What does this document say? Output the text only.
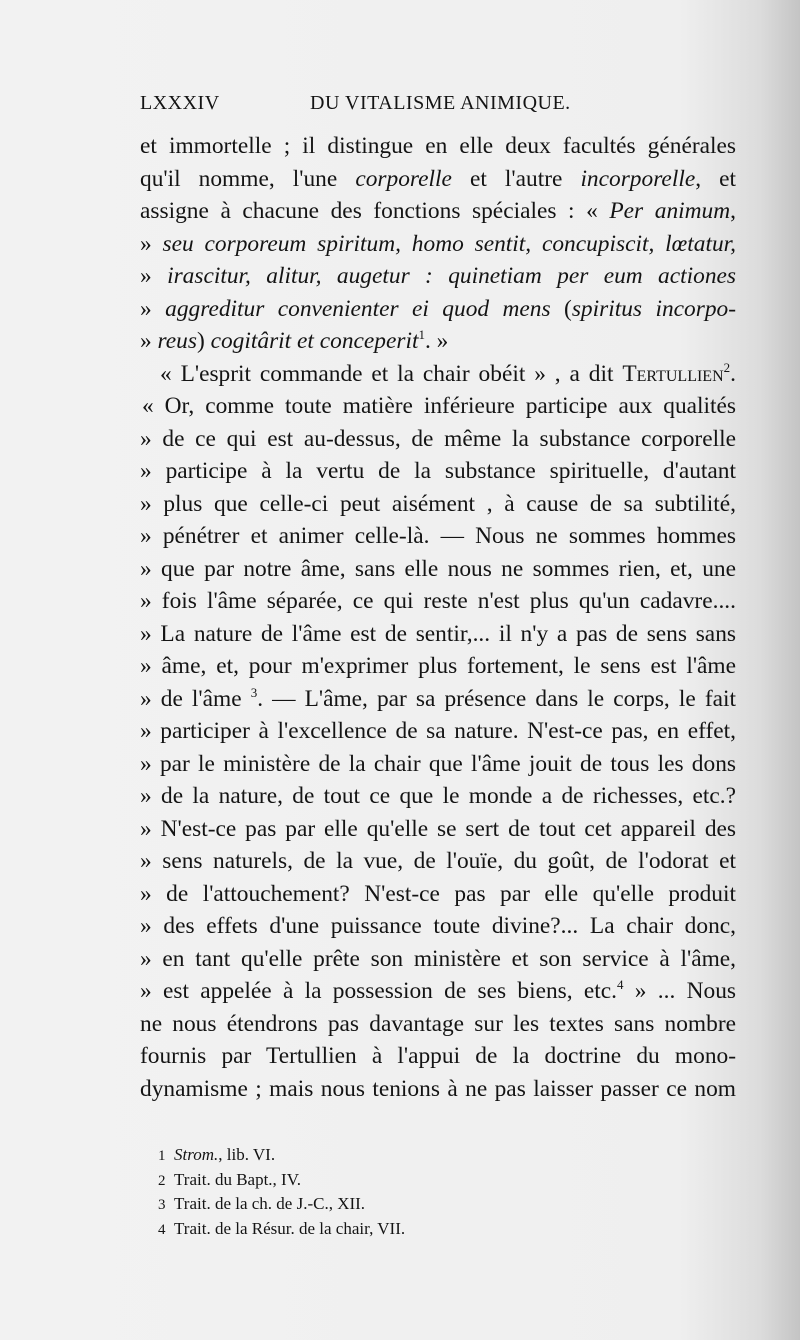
LXXXIV	DU VITALISME ANIMIQUE.
et immortelle ; il distingue en elle deux facultés générales
qu'il nomme, l'une corporelle et l'autre incorporelle, et
assigne à chacune des fonctions spéciales : « Per animum,
» seu corporeum spiritum, homo sentit, concupiscit, lœtatur,
» irascitur, alitur, augetur : quinetiam per eum actiones
» aggreditur convenienter ei quod mens (spiritus incorpo-
» reus) cogitârit et conceperit$^1$. »
« L'esprit commande et la chair obéit » , a dit Tertullien$^2$.
« Or, comme toute matière inférieure participe aux qualités
» de ce qui est au-dessus, de même la substance corporelle
» participe à la vertu de la substance spirituelle, d'autant
» plus que celle-ci peut aisément , à cause de sa subtilité,
» pénétrer et animer celle-là. — Nous ne sommes hommes
» que par notre âme, sans elle nous ne sommes rien, et, une
» fois l'âme séparée, ce qui reste n'est plus qu'un cadavre....
» La nature de l'âme est de sentir,... il n'y a pas de sens sans
» âme, et, pour m'exprimer plus fortement, le sens est l'âme
» de l'âme $^3$. — L'âme, par sa présence dans le corps, le fait
» participer à l'excellence de sa nature. N'est-ce pas, en effet,
» par le ministère de la chair que l'âme jouit de tous les dons
» de la nature, de tout ce que le monde a de richesses, etc.?
» N'est-ce pas par elle qu'elle se sert de tout cet appareil des
» sens naturels, de la vue, de l'ouïe, du goût, de l'odorat et
» de l'attouchement? N'est-ce pas par elle qu'elle produit
» des effets d'une puissance toute divine?... La chair donc,
» en tant qu'elle prête son ministère et son service à l'âme,
» est appelée à la possession de ses biens, etc.$^4$ » ... Nous
ne nous étendrons pas davantage sur les textes sans nombre
fournis par Tertullien à l'appui de la doctrine du mono-
dynamisme ; mais nous tenions à ne pas laisser passer ce nom
1 Strom., lib. VI.
2 Trait. du Bapt., IV.
3 Trait. de la ch. de J.-C., XII.
4 Trait. de la Résur. de la chair, VII.
